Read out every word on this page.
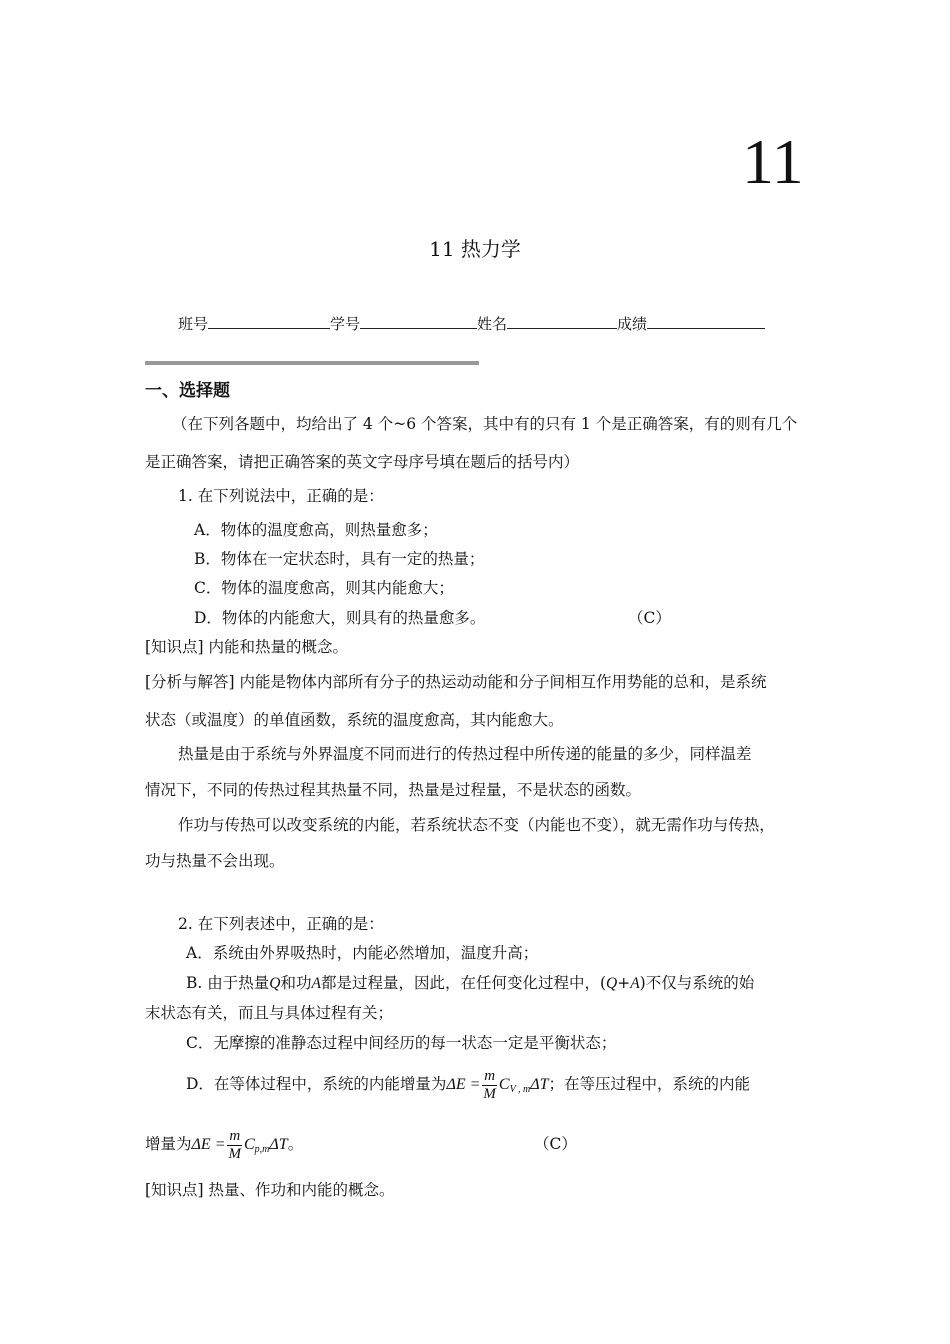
11
11 热力学
班号	学号	姓名	成绩
一、选择题
（在下列各题中，均给出了 4 个~6 个答案，其中有的只有 1 个是正确答案，有的则有几个
是正确答案，请把正确答案的英文字母序号填在题后的括号内）
1. 在下列说法中，正确的是：
A．物体的温度愈高，则热量愈多；
B．物体在一定状态时，具有一定的热量；
C．物体的温度愈高，则其内能愈大；
D．物体的内能愈大，则具有的热量愈多。	（C）
[知识点] 内能和热量的概念。
[分析与解答] 内能是物体内部所有分子的热运动动能和分子间相互作用势能的总和，是系统
状态（或温度）的单值函数，系统的温度愈高，其内能愈大。
热量是由于系统与外界温度不同而进行的传热过程中所传递的能量的多少，同样温差
情况下，不同的传热过程其热量不同，热量是过程量，不是状态的函数。
作功与传热可以改变系统的内能，若系统状态不变（内能也不变），就无需作功与传热，
功与热量不会出现。
2. 在下列表述中，正确的是：
A．系统由外界吸热时，内能必然增加，温度升高；
B. 由于热量Q和功A都是过程量，因此，在任何变化过程中，(Q+A)不仅与系统的始
末状态有关，而且与具体过程有关；
C．无摩擦的准静态过程中间经历的每一状态一定是平衡状态；
D．在等体过程中，系统的内能增量为$\Delta E = \frac{m}{M} C_{V , m}\Delta T$；在等压过程中，系统的内能
增量为$\Delta E = \frac{m}{M} C_{p,m}\Delta T$。	（C）
[知识点] 热量、作功和内能的概念。
